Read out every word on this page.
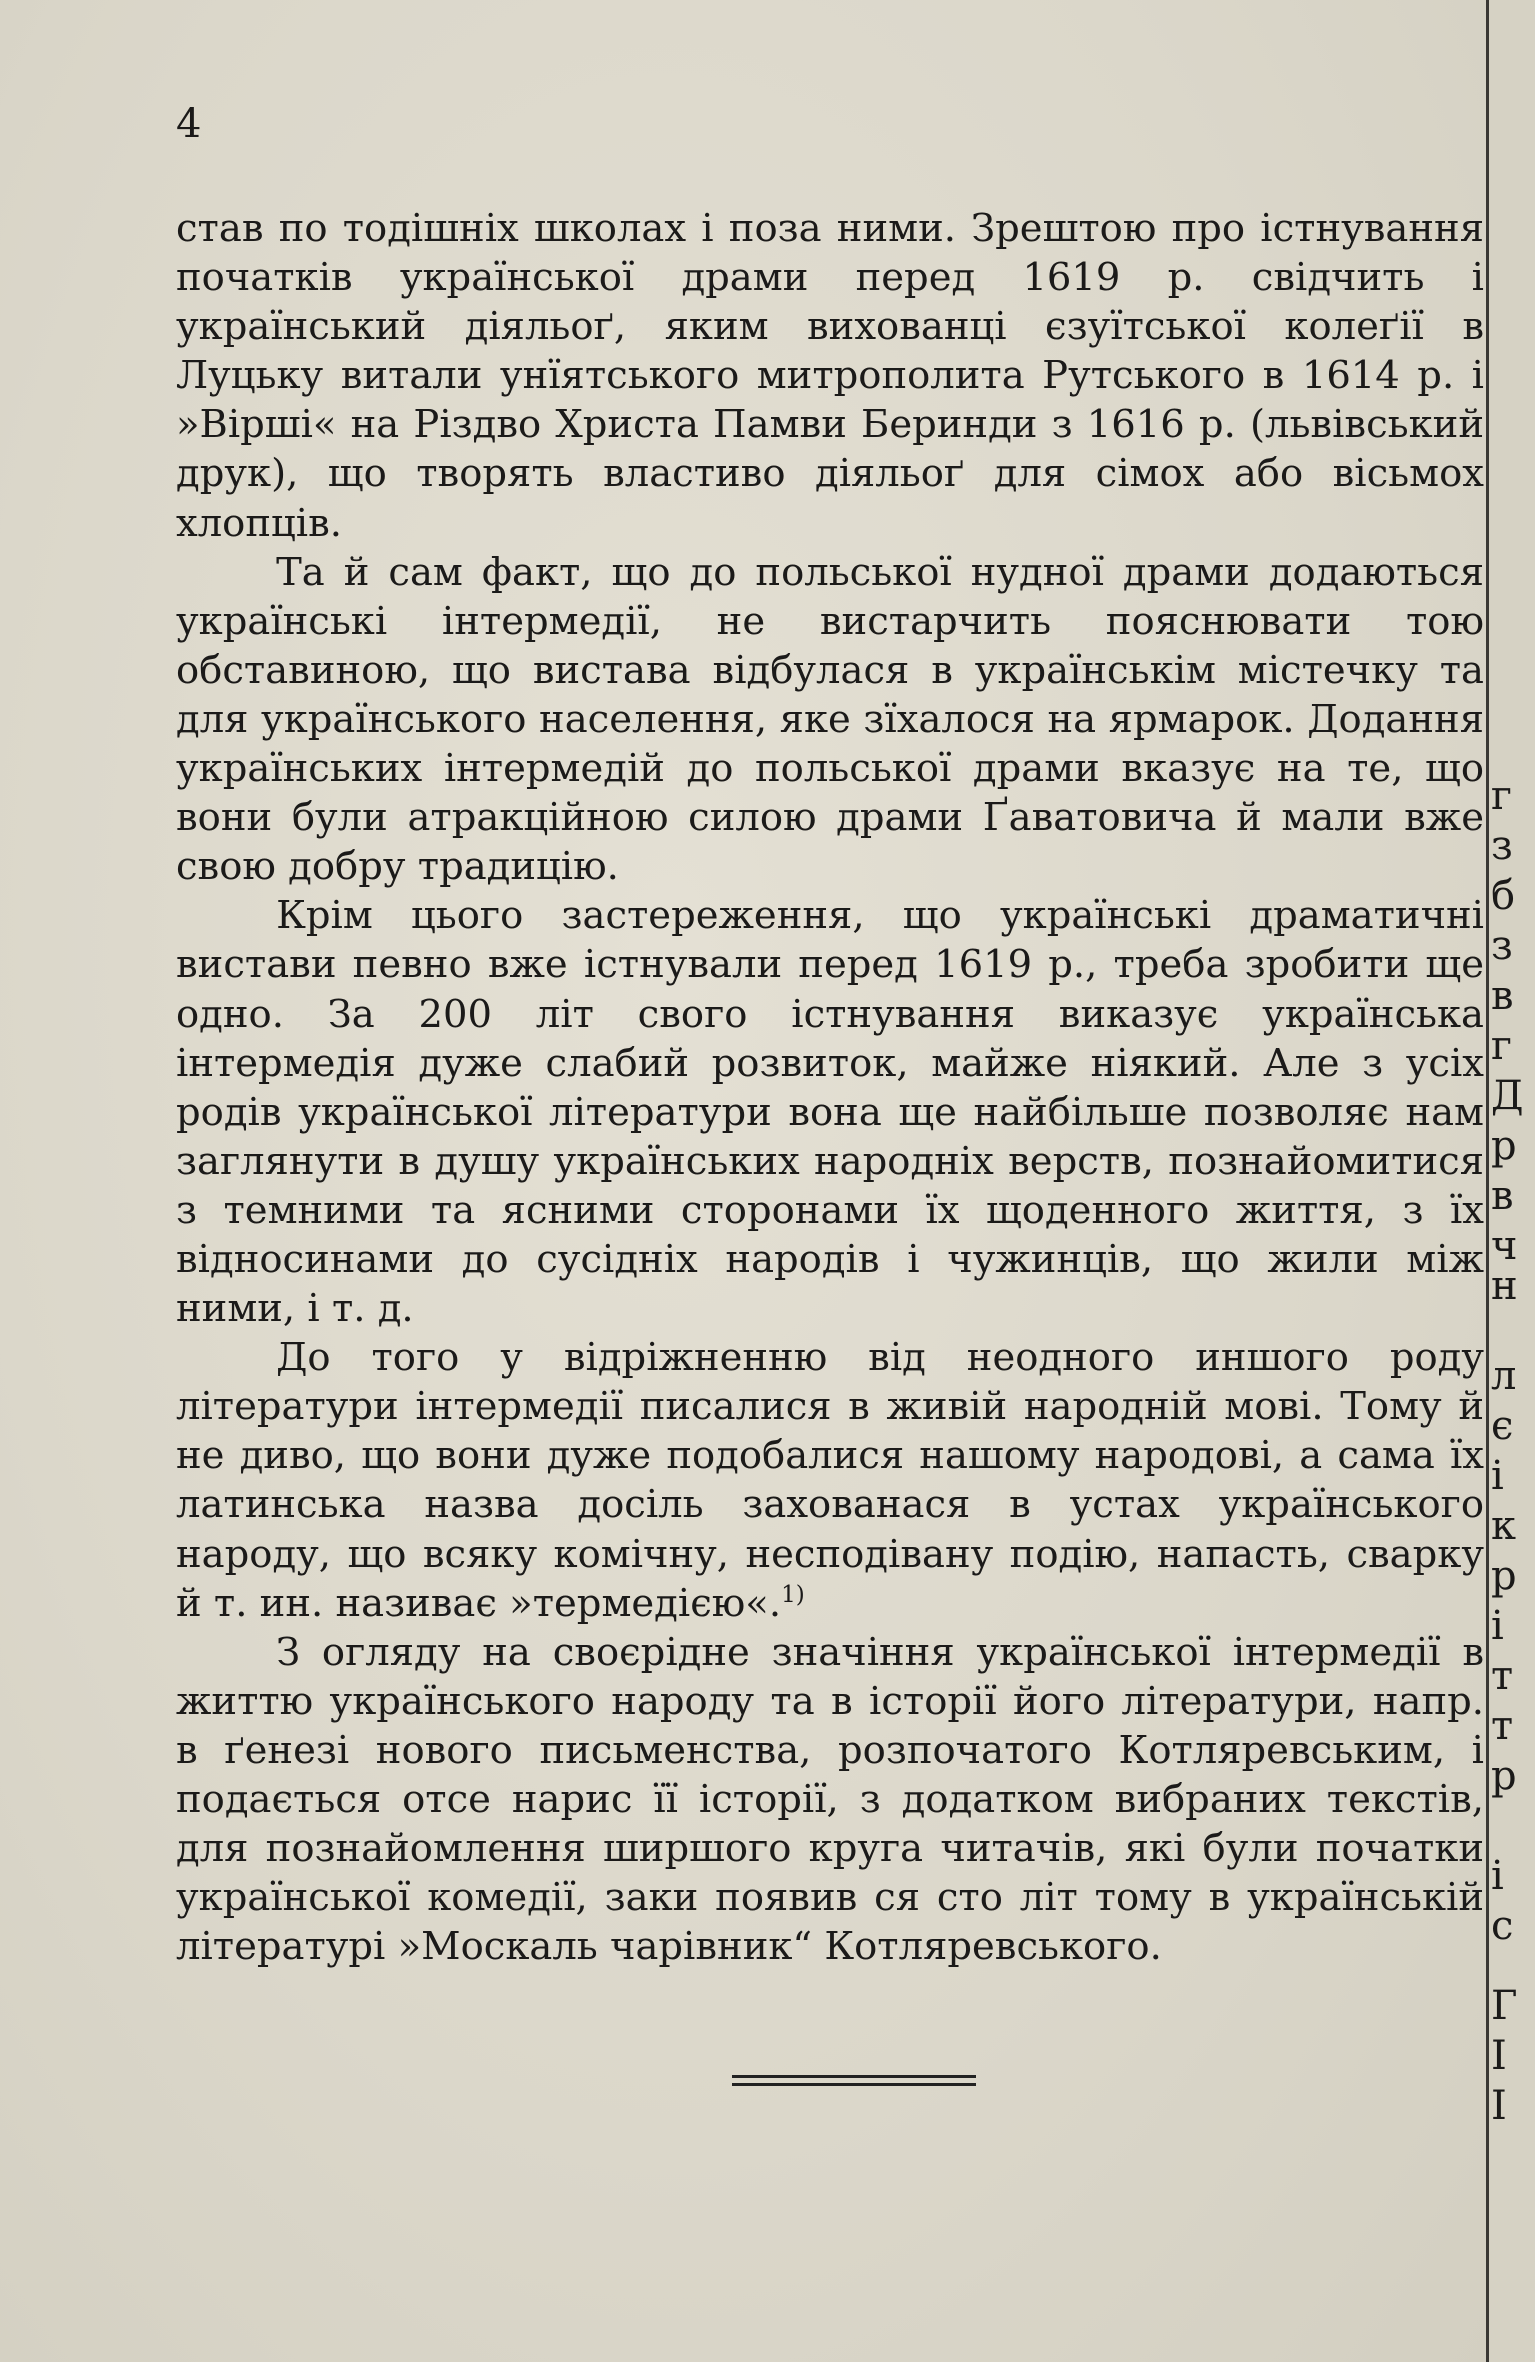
4

став по тодішніх школах і поза ними. Зрештою про істнування початків української драми перед 1619 р. свідчить і український діяльоґ, яким вихованці єзуїтської колеґії в Луцьку витали унїятського митрополита Рутського в 1614 р. і »Вірші« на Різдво Христа Памви Беринди з 1616 р. (львівський друк), що творять властиво діяльоґ для сімох або вісьмох хлопців.

Та й сам факт, що до польської нудної драми додаються українські інтермедії, не вистарчить пояснювати тою обставиною, що вистава відбулася в українськім містечку та для українського населення, яке зїхалося на ярмарок. Додання українських інтермедій до польської драми вказує на те, що вони були атракційною силою драми Ґаватовича й мали вже свою добру традицію.

Крім цього застереження, що українські драматичні вистави певно вже істнували перед 1619 р., треба зробити ще одно. За 200 літ свого істнування виказує українська інтермедія дуже слабий розвиток, майже ніякий. Але з усіх родів української літератури вона ще найбільше позволяє нам заглянути в душу українських народніх верств, познайомитися з темними та ясними сторонами їх щоденного життя, з їх відносинами до сусідніх народів і чужинців, що жили між ними, і т. д.

До того у відріжненню від неодного иншого роду літератури інтермедії писалися в живій народній мові. Тому й не диво, що вони дуже подобалися нашому народові, а сама їх латинська назва досіль захованася в устах українського народу, що всяку комічну, несподівану подію, напасть, сварку й т. ин. називає »термедією«.$^{1)}$

З огляду на своєрідне значіння української інтермедії в життю українського народу та в історії його літератури, напр. в ґенезі нового письменства, розпочатого Котляревським, і подається отсе нарис її історії, з додатком вибраних текстів, для познайомлення ширшого круга читачів, які були початки української комедії, заки появив ся сто літ тому в українській літературі »Москаль чарівник“ Котляревського.

г
з
б
з
в
г
Д
р
в
ч
н
л
є
і
к
р
і
т
т
р
і
с
Г
І
І
